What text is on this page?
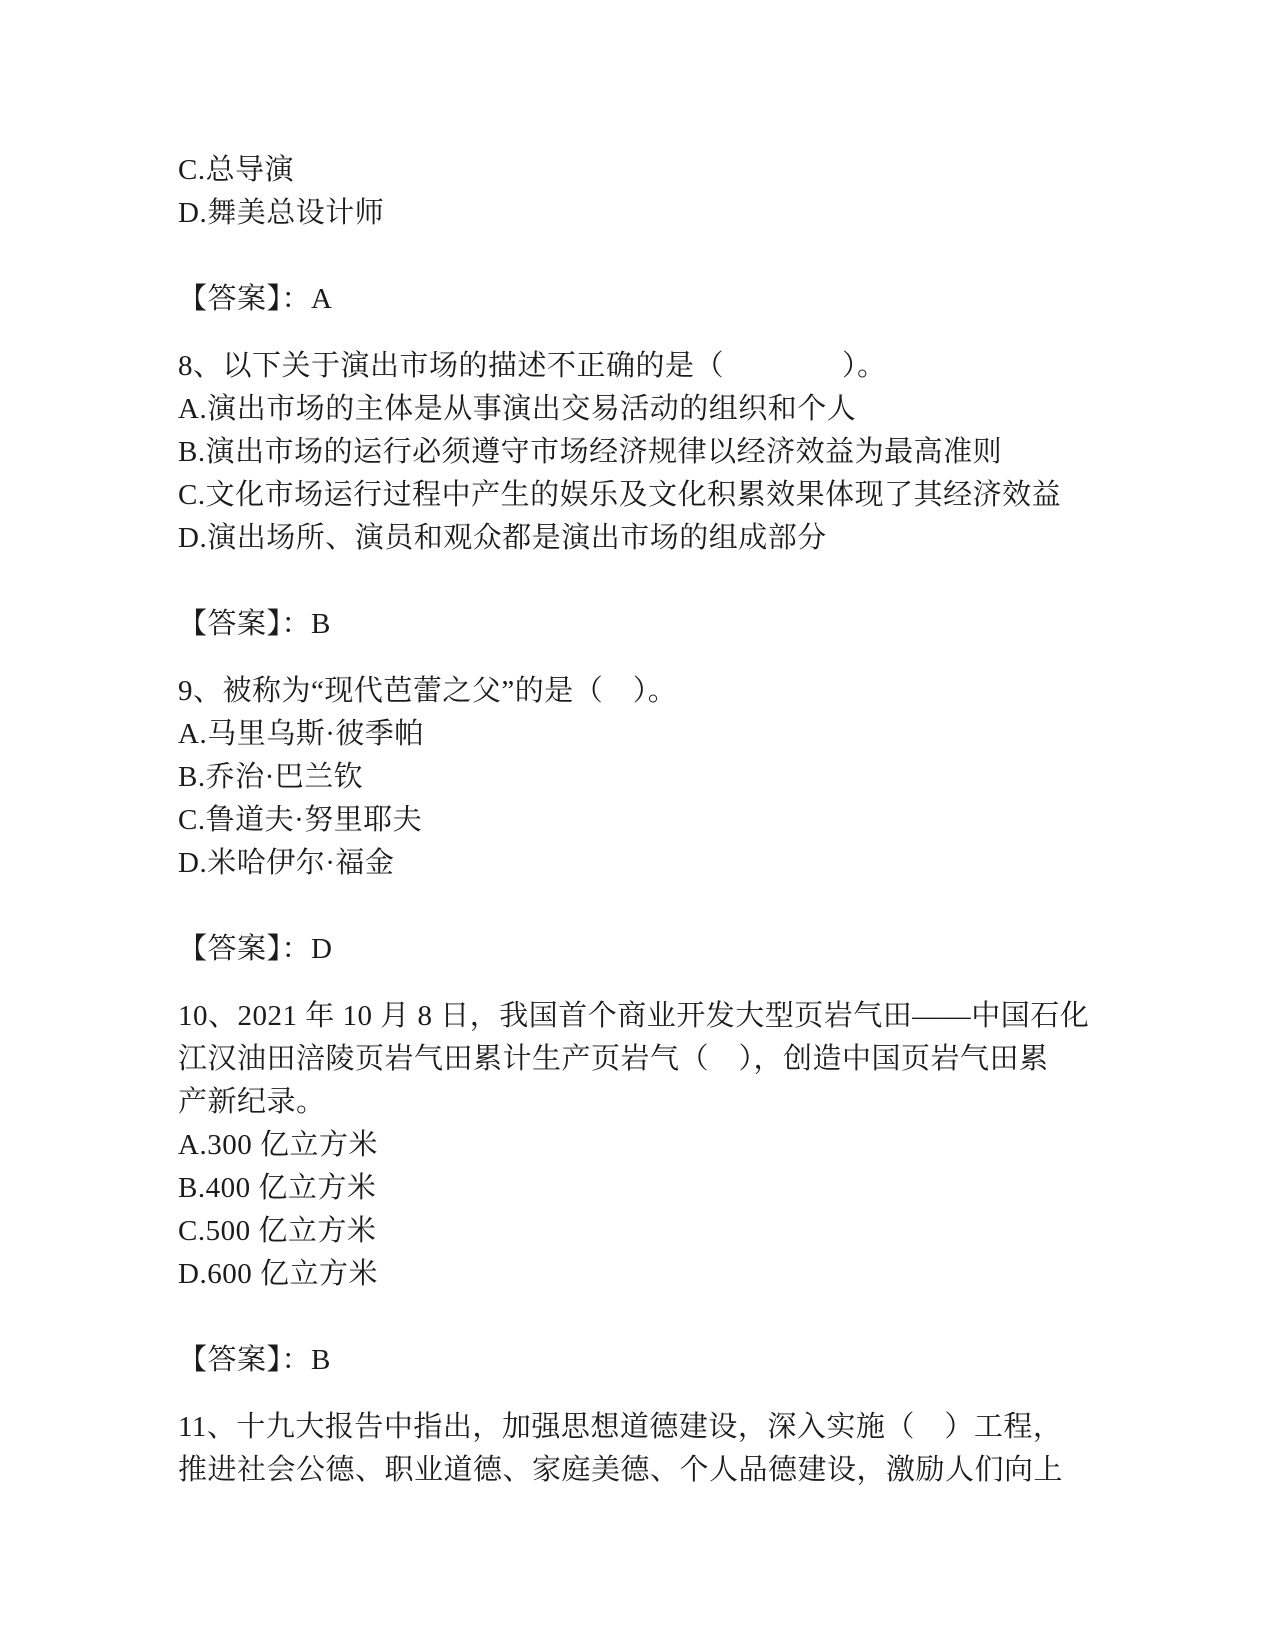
C.总导演
D.舞美总设计师
【答案】：A
8、以下关于演出市场的描述不正确的是（　　　　）。
A.演出市场的主体是从事演出交易活动的组织和个人
B.演出市场的运行必须遵守市场经济规律以经济效益为最高准则
C.文化市场运行过程中产生的娱乐及文化积累效果体现了其经济效益
D.演出场所、演员和观众都是演出市场的组成部分
【答案】：B
9、被称为“现代芭蕾之父”的是（　）。
A.马里乌斯·彼季帕
B.乔治·巴兰钦
C.鲁道夫·努里耶夫
D.米哈伊尔·福金
【答案】：D
10、2021 年 10 月 8 日，我国首个商业开发大型页岩气田——中国石化
江汉油田涪陵页岩气田累计生产页岩气（　），创造中国页岩气田累
产新纪录。
A.300 亿立方米
B.400 亿立方米
C.500 亿立方米
D.600 亿立方米
【答案】：B
11、十九大报告中指出，加强思想道德建设，深入实施（　）工程，
推进社会公德、职业道德、家庭美德、个人品德建设，激励人们向上
